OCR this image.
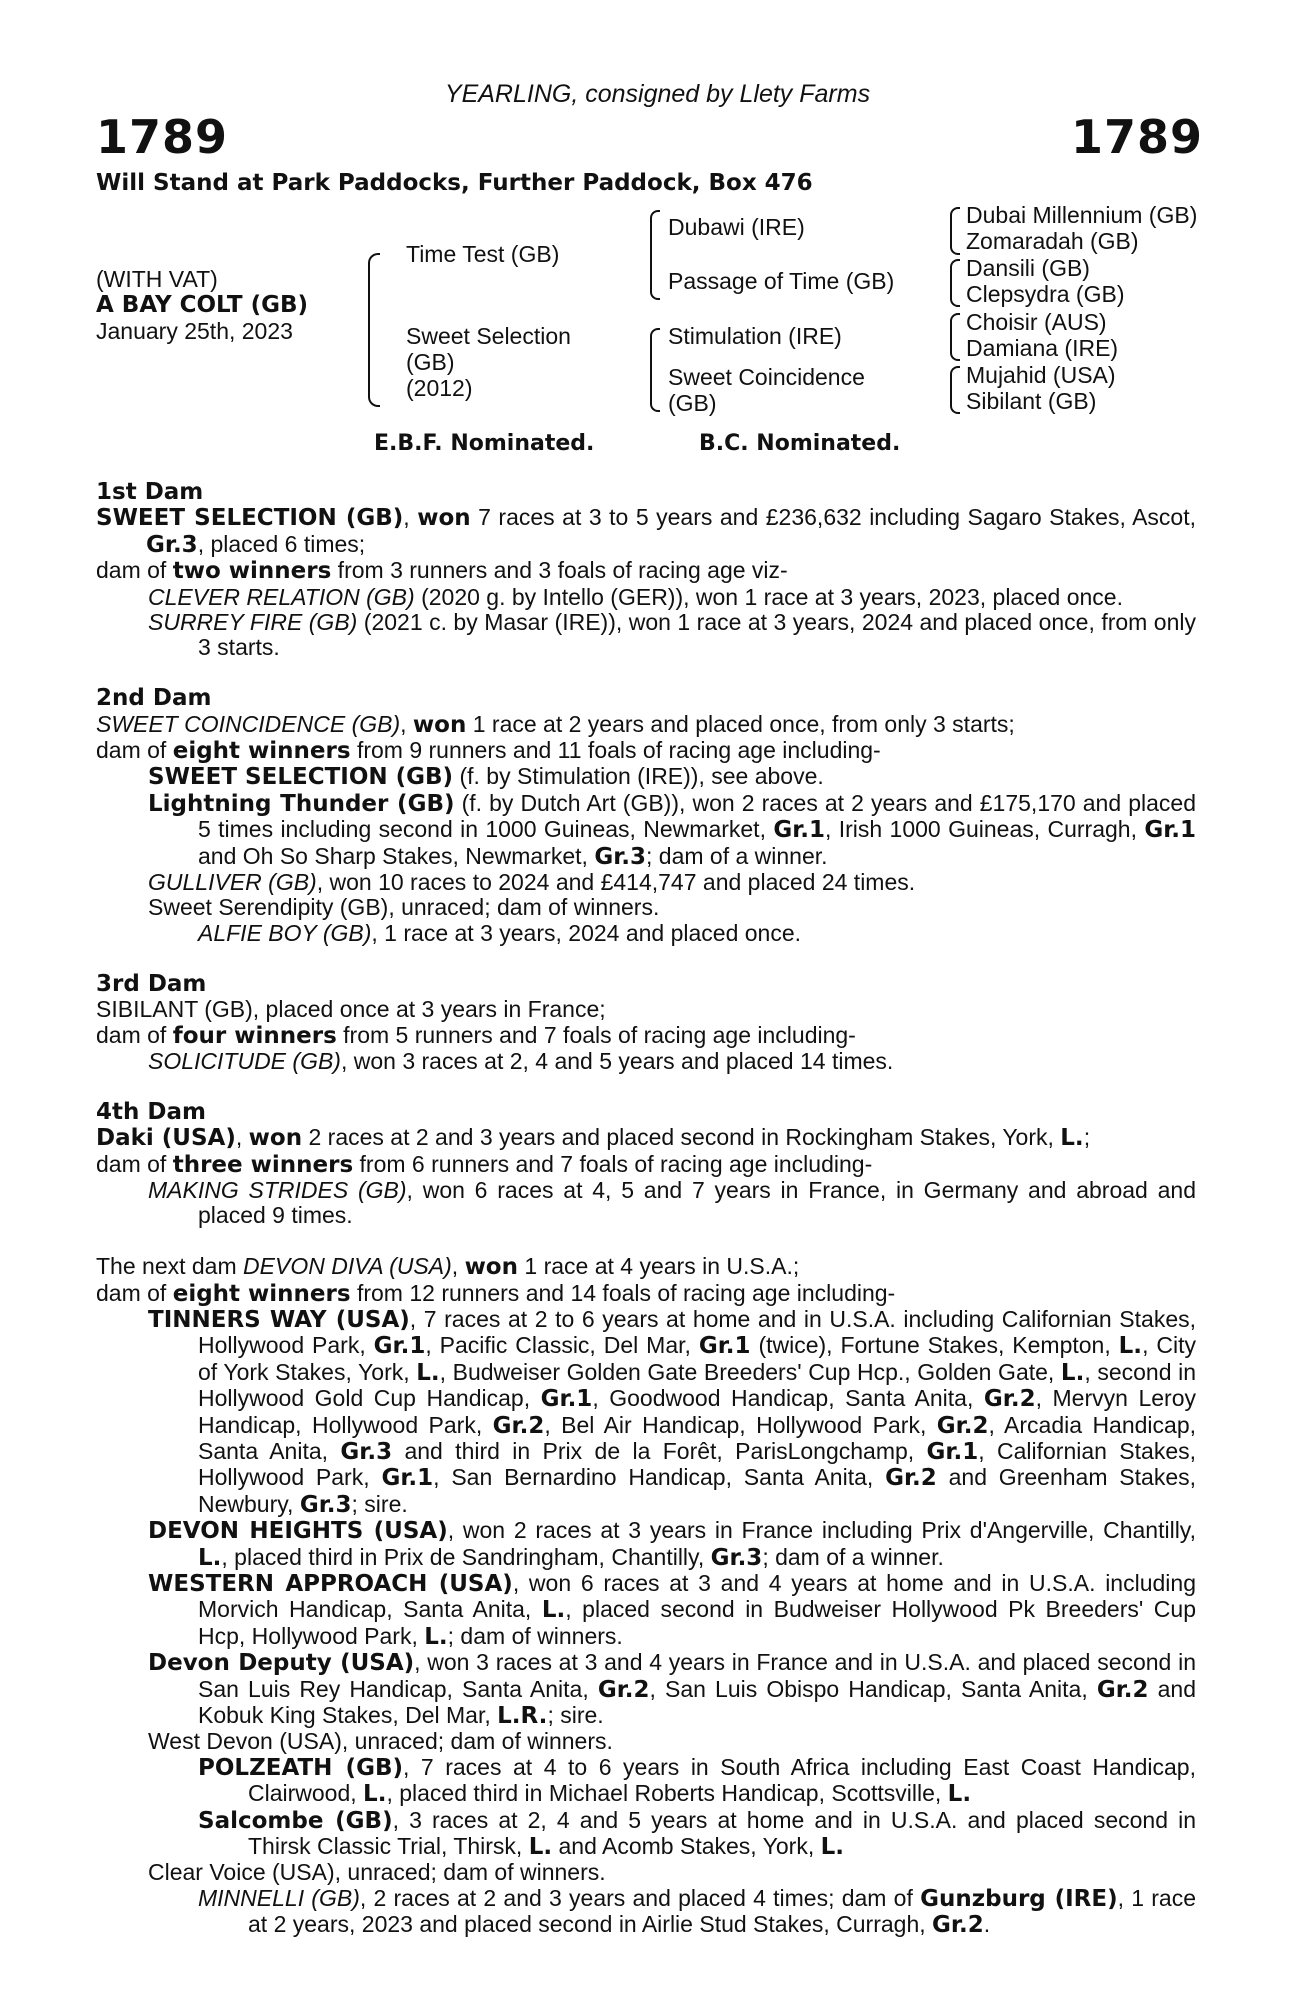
YEARLING, consigned by Llety Farms
1789	1789
Will Stand at Park Paddocks, Further Paddock, Box 476
(WITH VAT)
A BAY COLT (GB)
January 25th, 2023
Time Test (GB)
Sweet Selection
(GB)
(2012)
Dubawi (IRE)
Passage of Time (GB)
Stimulation (IRE)
Sweet Coincidence
(GB)
Dubai Millennium (GB)
Zomaradah (GB)
Dansili (GB)
Clepsydra (GB)
Choisir (AUS)
Damiana (IRE)
Mujahid (USA)
Sibilant (GB)
E.B.F. Nominated.	B.C. Nominated.

1st Dam

SWEET SELECTION (GB), won 7 races at 3 to 5 years and £236,632 including Sagaro Stakes, Ascot, Gr.3, placed 6 times;

dam of two winners from 3 runners and 3 foals of racing age viz-

CLEVER RELATION (GB) (2020 g. by Intello (GER)), won 1 race at 3 years, 2023, placed once.

SURREY FIRE (GB) (2021 c. by Masar (IRE)), won 1 race at 3 years, 2024 and placed once, from only 3 starts.

2nd Dam

SWEET COINCIDENCE (GB), won 1 race at 2 years and placed once, from only 3 starts;

dam of eight winners from 9 runners and 11 foals of racing age including-

SWEET SELECTION (GB) (f. by Stimulation (IRE)), see above.

Lightning Thunder (GB) (f. by Dutch Art (GB)), won 2 races at 2 years and £175,170 and placed 5 times including second in 1000 Guineas, Newmarket, Gr.1, Irish 1000 Guineas, Curragh, Gr.1 and Oh So Sharp Stakes, Newmarket, Gr.3; dam of a winner.

GULLIVER (GB), won 10 races to 2024 and £414,747 and placed 24 times.

Sweet Serendipity (GB), unraced; dam of winners.

ALFIE BOY (GB), 1 race at 3 years, 2024 and placed once.

3rd Dam

SIBILANT (GB), placed once at 3 years in France;

dam of four winners from 5 runners and 7 foals of racing age including-

SOLICITUDE (GB), won 3 races at 2, 4 and 5 years and placed 14 times.

4th Dam

Daki (USA), won 2 races at 2 and 3 years and placed second in Rockingham Stakes, York, L.;

dam of three winners from 6 runners and 7 foals of racing age including-

MAKING STRIDES (GB), won 6 races at 4, 5 and 7 years in France, in Germany and abroad and placed 9 times.

The next dam DEVON DIVA (USA), won 1 race at 4 years in U.S.A.;

dam of eight winners from 12 runners and 14 foals of racing age including-

TINNERS WAY (USA), 7 races at 2 to 6 years at home and in U.S.A. including Californian Stakes, Hollywood Park, Gr.1, Pacific Classic, Del Mar, Gr.1 (twice), Fortune Stakes, Kempton, L., City of York Stakes, York, L., Budweiser Golden Gate Breeders' Cup Hcp., Golden Gate, L., second in Hollywood Gold Cup Handicap, Gr.1, Goodwood Handicap, Santa Anita, Gr.2, Mervyn Leroy Handicap, Hollywood Park, Gr.2, Bel Air Handicap, Hollywood Park, Gr.2, Arcadia Handicap, Santa Anita, Gr.3 and third in Prix de la Forêt, ParisLongchamp, Gr.1, Californian Stakes, Hollywood Park, Gr.1, San Bernardino Handicap, Santa Anita, Gr.2 and Greenham Stakes, Newbury, Gr.3; sire.

DEVON HEIGHTS (USA), won 2 races at 3 years in France including Prix d'Angerville, Chantilly, L., placed third in Prix de Sandringham, Chantilly, Gr.3; dam of a winner.

WESTERN APPROACH (USA), won 6 races at 3 and 4 years at home and in U.S.A. including Morvich Handicap, Santa Anita, L., placed second in Budweiser Hollywood Pk Breeders' Cup Hcp, Hollywood Park, L.; dam of winners.

Devon Deputy (USA), won 3 races at 3 and 4 years in France and in U.S.A. and placed second in San Luis Rey Handicap, Santa Anita, Gr.2, San Luis Obispo Handicap, Santa Anita, Gr.2 and Kobuk King Stakes, Del Mar, L.R.; sire.

West Devon (USA), unraced; dam of winners.

POLZEATH (GB), 7 races at 4 to 6 years in South Africa including East Coast Handicap, Clairwood, L., placed third in Michael Roberts Handicap, Scottsville, L.

Salcombe (GB), 3 races at 2, 4 and 5 years at home and in U.S.A. and placed second in Thirsk Classic Trial, Thirsk, L. and Acomb Stakes, York, L.

Clear Voice (USA), unraced; dam of winners.

MINNELLI (GB), 2 races at 2 and 3 years and placed 4 times; dam of Gunzburg (IRE), 1 race at 2 years, 2023 and placed second in Airlie Stud Stakes, Curragh, Gr.2.
